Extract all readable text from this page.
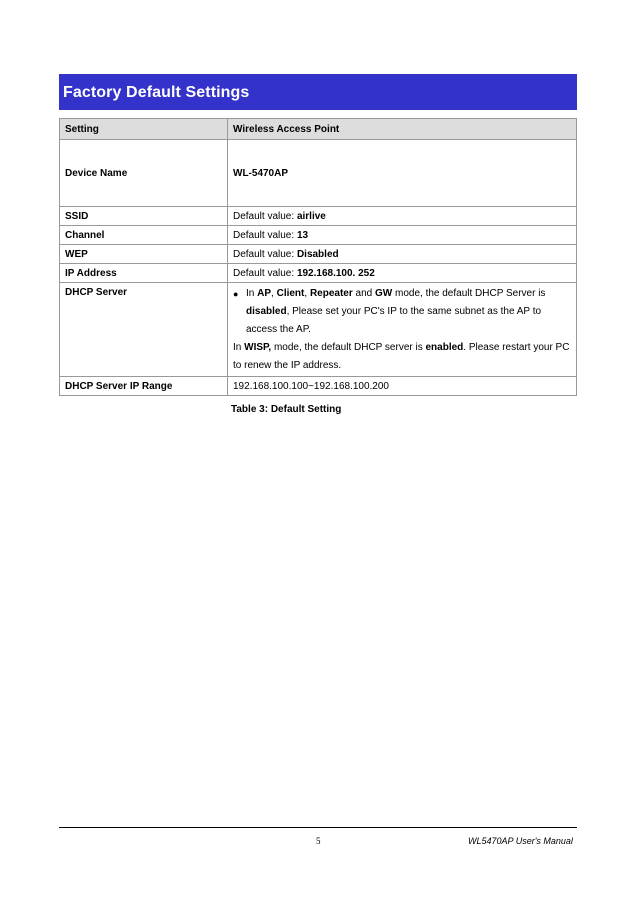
Factory Default Settings
Setting	Wireless Access Point
Device Name	WL-5470AP
SSID	Default value: airlive
Channel	Default value: 13
WEP	Default value: Disabled
IP Address	Default value: 192.168.100. 252
DHCP Server	● In AP, Client, Repeater and GW mode, the default DHCP Server is disabled, Please set your PC's IP to the same subnet as the AP to access the AP.
In WISP, mode, the default DHCP server is enabled. Please restart your PC to renew the IP address.

DHCP Server IP Range	192.168.100.100~192.168.100.200
Table 3: Default Setting
5	WL5470AP User's Manual
